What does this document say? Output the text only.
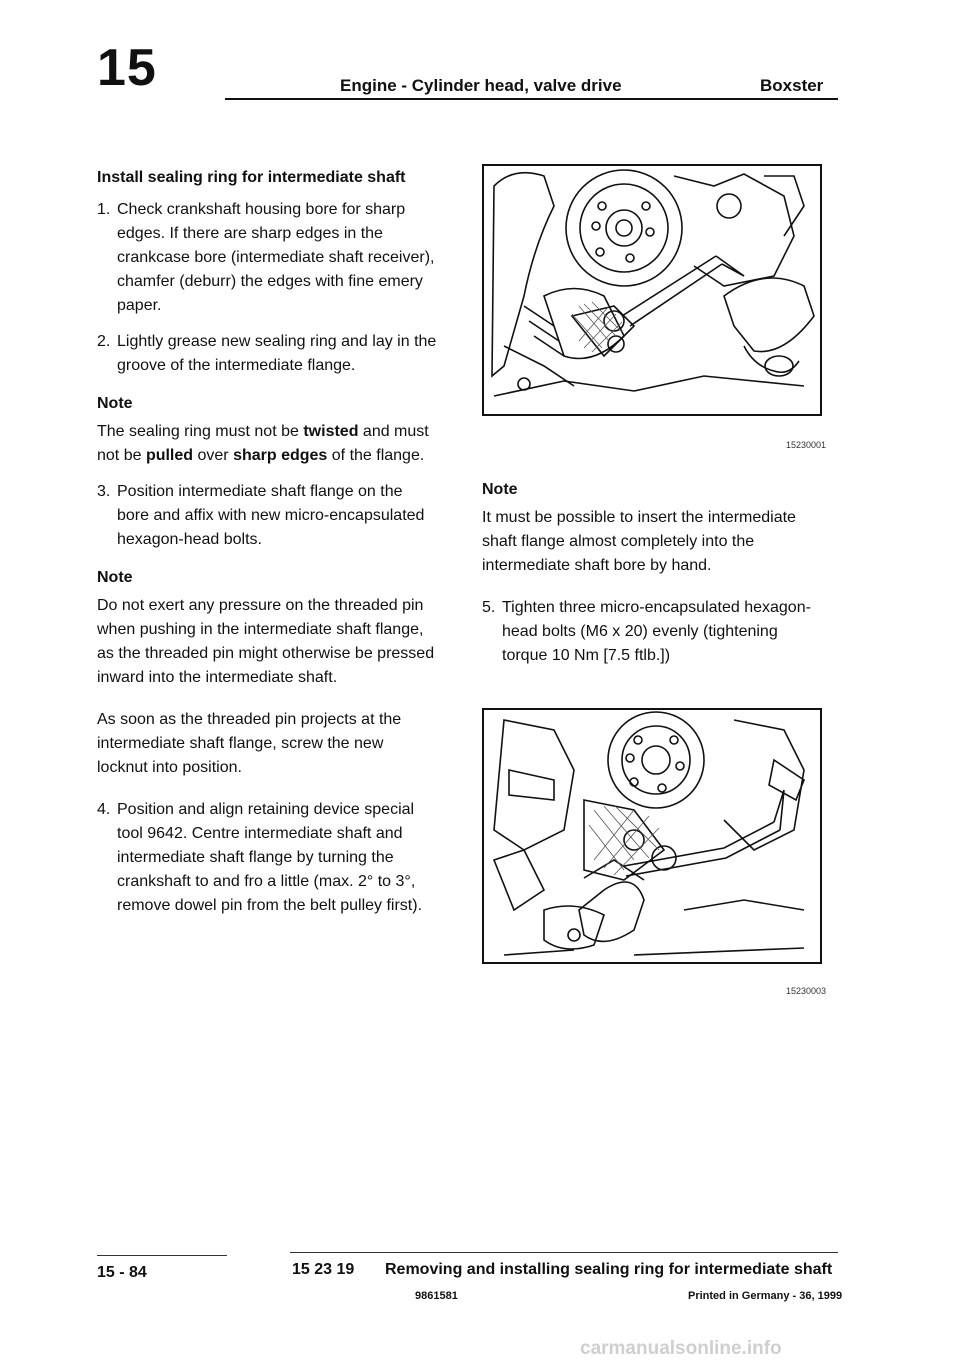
15	Engine - Cylinder head, valve drive	Boxster
Install sealing ring for intermediate shaft
1. Check crankshaft housing bore for sharp edges. If there are sharp edges in the crankcase bore (intermediate shaft receiver), chamfer (deburr) the edges with fine emery paper.
2. Lightly grease new sealing ring and lay in the groove of the intermediate flange.
Note

The sealing ring must not be twisted and must not be pulled over sharp edges of the flange.

3. Position intermediate shaft flange on the bore and affix with new micro-encapsulated hexagon-head bolts.
Note

Do not exert any pressure on the threaded pin when pushing in the intermediate shaft flange, as the threaded pin might otherwise be pressed inward into the intermediate shaft.

As soon as the threaded pin projects at the intermediate shaft flange, screw the new locknut into position.

4. Position and align retaining device special tool 9642. Centre intermediate shaft and intermediate shaft flange by turning the crankshaft to and fro a little (max. 2° to 3°, remove dowel pin from the belt pulley first).
15230001
Note

It must be possible to insert the intermediate shaft flange almost completely into the intermediate shaft bore by hand.

5. Tighten three micro-encapsulated hexagon-head bolts (M6 x 20) evenly (tightening torque 10 Nm [7.5 ftlb.])
15230003
15 - 84	15 23 19 Removing and installing sealing ring for intermediate shaft
9861581	Printed in Germany - 36, 1999
carmanualsonline.info
